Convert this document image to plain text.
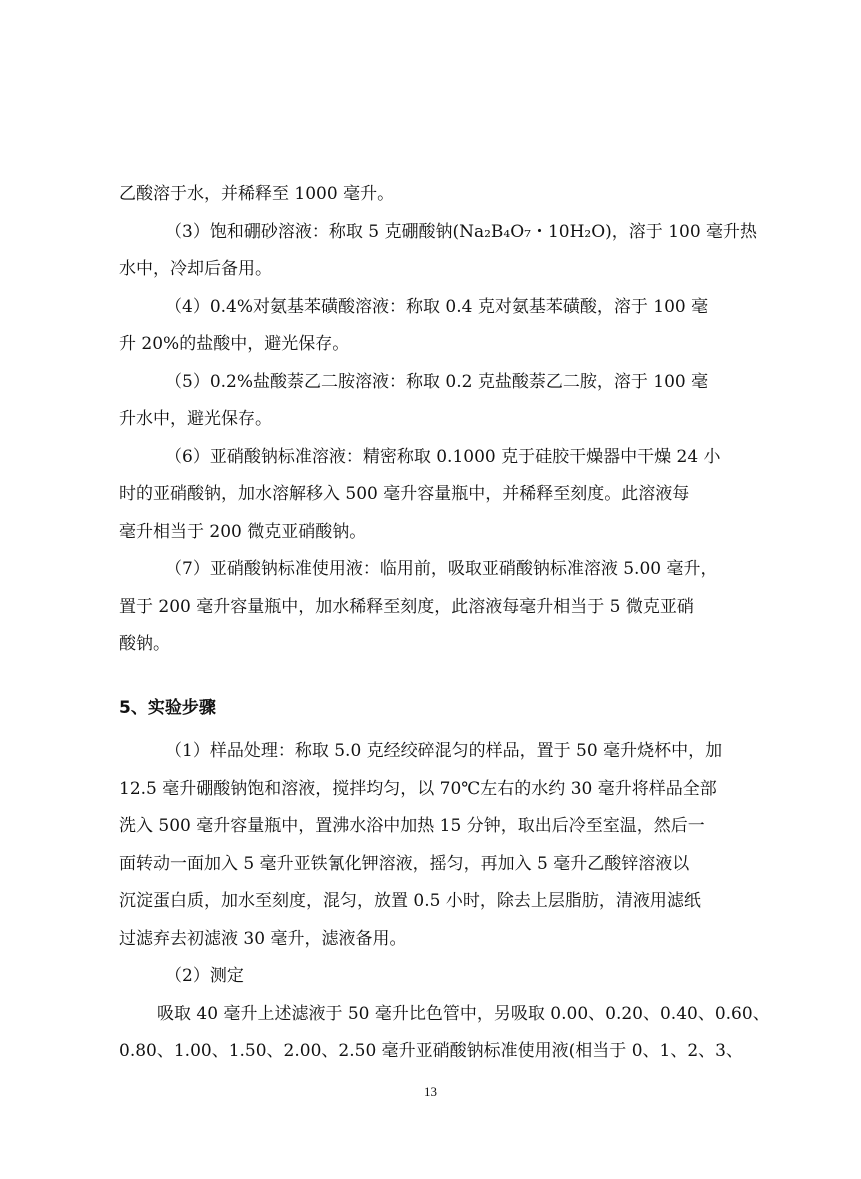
乙酸溶于水，并稀释至 1000 毫升。
（3）饱和硼砂溶液：称取 5 克硼酸钠(Na₂B₄O₇・10H₂O)，溶于 100 毫升热
水中，冷却后备用。
（4）0.4%对氨基苯磺酸溶液：称取 0.4 克对氨基苯磺酸，溶于 100 毫
升 20%的盐酸中，避光保存。
（5）0.2%盐酸萘乙二胺溶液：称取 0.2 克盐酸萘乙二胺，溶于 100 毫
升水中，避光保存。
（6）亚硝酸钠标准溶液：精密称取 0.1000 克于硅胶干燥器中干燥 24 小
时的亚硝酸钠，加水溶解移入 500 毫升容量瓶中，并稀释至刻度。此溶液每
毫升相当于 200 微克亚硝酸钠。
（7）亚硝酸钠标准使用液：临用前，吸取亚硝酸钠标准溶液 5.00 毫升，
置于 200 毫升容量瓶中，加水稀释至刻度，此溶液每毫升相当于 5 微克亚硝
酸钠。
5、实验步骤
（1）样品处理：称取 5.0 克经绞碎混匀的样品，置于 50 毫升烧杯中，加
12.5 毫升硼酸钠饱和溶液，搅拌均匀，以 70℃左右的水约 30 毫升将样品全部
洗入 500 毫升容量瓶中，置沸水浴中加热 15 分钟，取出后冷至室温，然后一
面转动一面加入 5 毫升亚铁氰化钾溶液，摇匀，再加入 5 毫升乙酸锌溶液以
沉淀蛋白质，加水至刻度，混匀，放置 0.5 小时，除去上层脂肪，清液用滤纸
过滤弃去初滤液 30 毫升，滤液备用。
（2）测定
吸取 40 毫升上述滤液于 50 毫升比色管中，另吸取 0.00、0.20、0.40、0.60、
0.80、1.00、1.50、2.00、2.50 毫升亚硝酸钠标准使用液(相当于 0、1、2、3、
13
